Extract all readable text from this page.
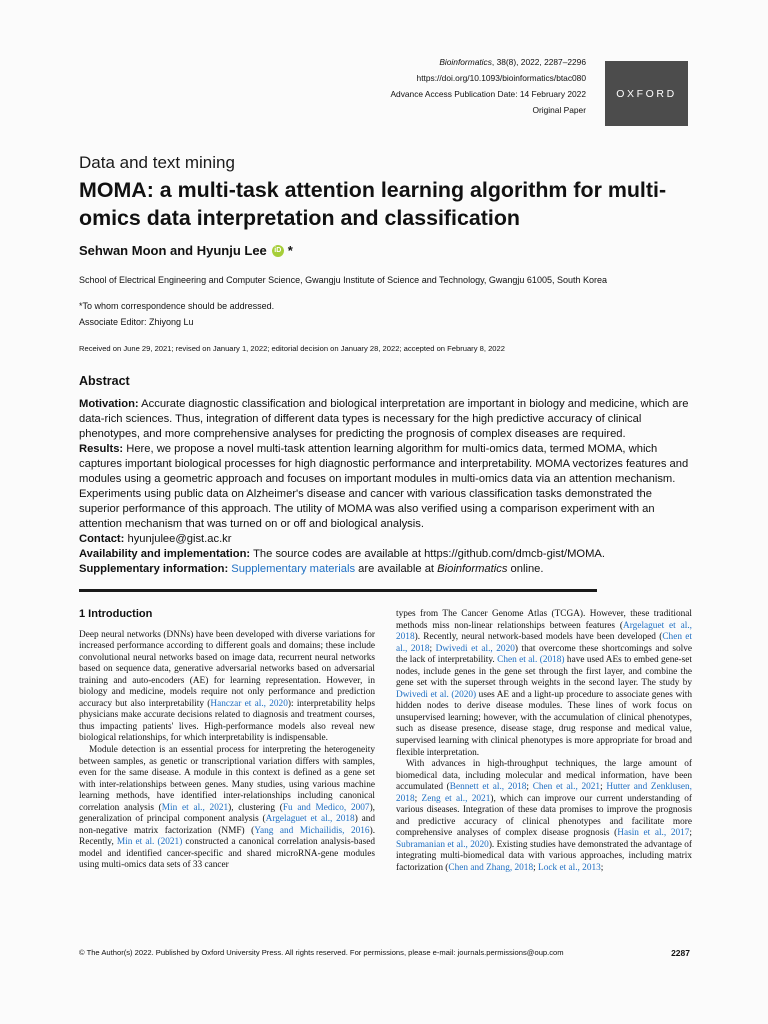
Bioinformatics, 38(8), 2022, 2287–2296
https://doi.org/10.1093/bioinformatics/btac080
Advance Access Publication Date: 14 February 2022
Original Paper
OXFORD
Data and text mining
MOMA: a multi-task attention learning algorithm for multi-omics data interpretation and classification
Sehwan Moon and Hyunju Lee	iD *
School of Electrical Engineering and Computer Science, Gwangju Institute of Science and Technology, Gwangju 61005, South Korea
*To whom correspondence should be addressed.
Associate Editor: Zhiyong Lu
Received on June 29, 2021; revised on January 1, 2022; editorial decision on January 28, 2022; accepted on February 8, 2022
Abstract

Motivation: Accurate diagnostic classification and biological interpretation are important in biology and medicine, which are data-rich sciences. Thus, integration of different data types is necessary for the high predictive accuracy of clinical phenotypes, and more comprehensive analyses for predicting the prognosis of complex diseases are required.

Results: Here, we propose a novel multi-task attention learning algorithm for multi-omics data, termed MOMA, which captures important biological processes for high diagnostic performance and interpretability. MOMA vectorizes features and modules using a geometric approach and focuses on important modules in multi-omics data via an attention mechanism. Experiments using public data on Alzheimer's disease and cancer with various classification tasks demonstrated the superior performance of this approach. The utility of MOMA was also verified using a comparison experiment with an attention mechanism that was turned on or off and biological analysis.

Contact: hyunjulee@gist.ac.kr

Availability and implementation: The source codes are available at https://github.com/dmcb-gist/MOMA.

Supplementary information: Supplementary materials are available at Bioinformatics online.

1 Introduction

Deep neural networks (DNNs) have been developed with diverse variations for increased performance according to different goals and domains; these include convolutional neural networks based on image data, recurrent neural networks based on sequence data, generative adversarial networks based on adversarial training and auto-encoders (AE) for learning representation. However, in biology and medicine, models require not only performance and prediction accuracy but also interpretability (Hanczar et al., 2020): interpretability helps physicians make accurate decisions related to diagnosis and treatment courses, thus impacting patients' lives. High-performance models also reveal new biological relationships, for which interpretability is indispensable.

Module detection is an essential process for interpreting the heterogeneity between samples, as genetic or transcriptional variation differs with samples, even for the same disease. A module in this context is defined as a gene set with inter-relationships between genes. Many studies, using various machine learning methods, have identified inter-relationships including canonical correlation analysis (Min et al., 2021), clustering (Fu and Medico, 2007), generalization of principal component analysis (Argelaguet et al., 2018) and non-negative matrix factorization (NMF) (Yang and Michailidis, 2016). Recently, Min et al. (2021) constructed a canonical correlation analysis-based model and identified cancer-specific and shared microRNA-gene modules using multi-omics data sets of 33 cancer

types from The Cancer Genome Atlas (TCGA). However, these traditional methods miss non-linear relationships between features (Argelaguet et al., 2018). Recently, neural network-based models have been developed (Chen et al., 2018; Dwivedi et al., 2020) that overcome these shortcomings and solve the lack of interpretability. Chen et al. (2018) have used AEs to embed gene-set nodes, include genes in the gene set through the first layer, and combine the gene set with the superset through weights in the second layer. The study by Dwivedi et al. (2020) uses AE and a light-up procedure to associate genes with hidden nodes to derive disease modules. These lines of work focus on unsupervised learning; however, with the accumulation of clinical phenotypes, such as disease presence, disease stage, drug response and medical value, supervised learning with clinical phenotypes is more appropriate for broad and flexible interpretation.

With advances in high-throughput techniques, the large amount of biomedical data, including molecular and medical information, have been accumulated (Bennett et al., 2018; Chen et al., 2021; Hutter and Zenklusen, 2018; Zeng et al., 2021), which can improve our current understanding of various diseases. Integration of these data promises to improve the prognosis and predictive accuracy of clinical phenotypes and facilitate more comprehensive analyses of complex disease prognosis (Hasin et al., 2017; Subramanian et al., 2020). Existing studies have demonstrated the advantage of integrating multi-biomedical data with various approaches, including matrix factorization (Chen and Zhang, 2018; Lock et al., 2013;

© The Author(s) 2022. Published by Oxford University Press. All rights reserved. For permissions, please e-mail: journals.permissions@oup.com	2287
